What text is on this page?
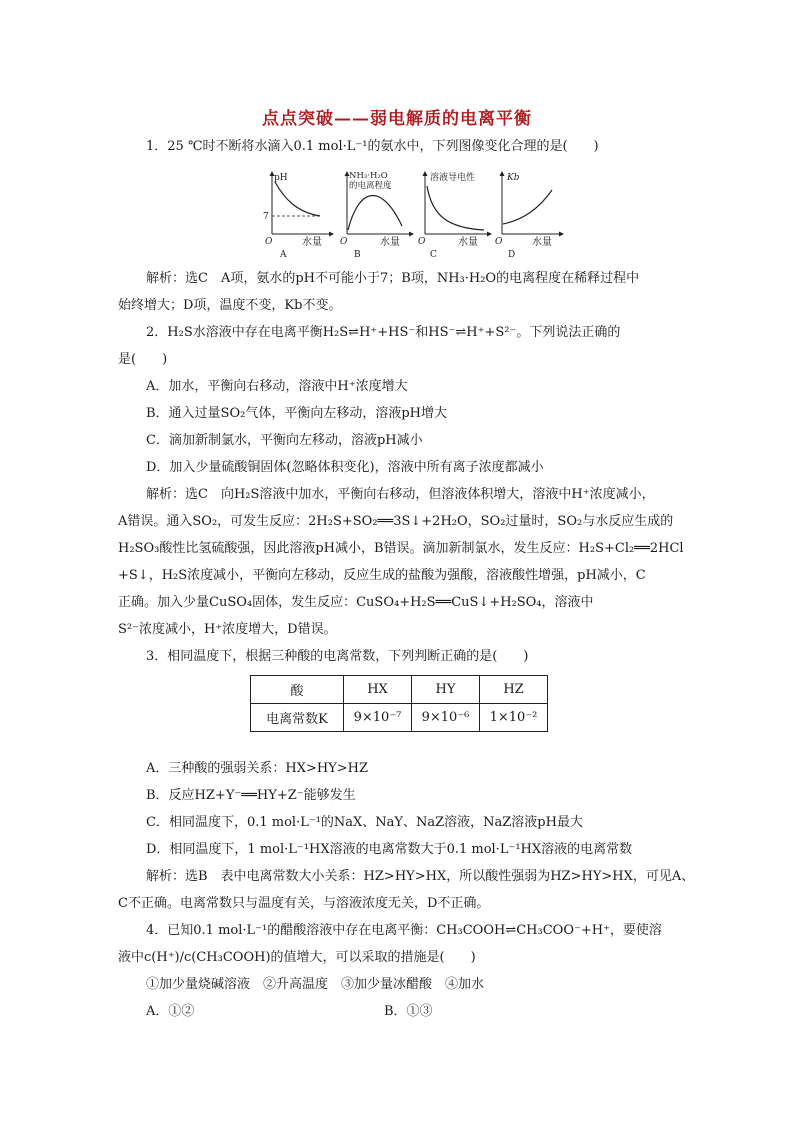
点点突破——弱电解质的电离平衡
1．25 ℃时不断将水滴入0.1 mol·L⁻¹的氨水中，下列图像变化合理的是(　　)
pH
7
O	水量
A
NH₃·H₂O
的电离程度
O	水量
B
溶液导电性
O	水量
C
Kb
O	水量
D
解析：选C　A项，氨水的pH不可能小于7；B项，NH₃·H₂O的电离程度在稀释过程中
始终增大；D项，温度不变，Kb不变。
2．H₂S水溶液中存在电离平衡H₂S⇌H⁺+HS⁻和HS⁻⇌H⁺+S²⁻。下列说法正确的
是(　　)
A．加水，平衡向右移动，溶液中H⁺浓度增大
B．通入过量SO₂气体，平衡向左移动，溶液pH增大
C．滴加新制氯水，平衡向左移动，溶液pH减小
D．加入少量硫酸铜固体(忽略体积变化)，溶液中所有离子浓度都减小
解析：选C　向H₂S溶液中加水，平衡向右移动，但溶液体积增大，溶液中H⁺浓度减小，
A错误。通入SO₂，可发生反应：2H₂S+SO₂══3S↓+2H₂O，SO₂过量时，SO₂与水反应生成的
H₂SO₃酸性比氢硫酸强，因此溶液pH减小，B错误。滴加新制氯水，发生反应：H₂S+Cl₂══2HCl
+S↓，H₂S浓度减小，平衡向左移动，反应生成的盐酸为强酸，溶液酸性增强，pH减小，C
正确。加入少量CuSO₄固体，发生反应：CuSO₄+H₂S══CuS↓+H₂SO₄，溶液中
S²⁻浓度减小，H⁺浓度增大，D错误。
3．相同温度下，根据三种酸的电离常数，下列判断正确的是(　　)
酸	HX	HY	HZ
电离常数K	9×10⁻⁷	9×10⁻⁶	1×10⁻²
A．三种酸的强弱关系：HX>HY>HZ
B．反应HZ+Y⁻══HY+Z⁻能够发生
C．相同温度下，0.1 mol·L⁻¹的NaX、NaY、NaZ溶液，NaZ溶液pH最大
D．相同温度下，1 mol·L⁻¹HX溶液的电离常数大于0.1 mol·L⁻¹HX溶液的电离常数
解析：选B　表中电离常数大小关系：HZ>HY>HX，所以酸性强弱为HZ>HY>HX，可见A、
C不正确。电离常数只与温度有关，与溶液浓度无关，D不正确。
4．已知0.1 mol·L⁻¹的醋酸溶液中存在电离平衡：CH₃COOH⇌CH₃COO⁻+H⁺，要使溶
液中c(H⁺)/c(CH₃COOH)的值增大，可以采取的措施是(　　)
①加少量烧碱溶液　②升高温度　③加少量冰醋酸　④加水
A．①②	B．①③
